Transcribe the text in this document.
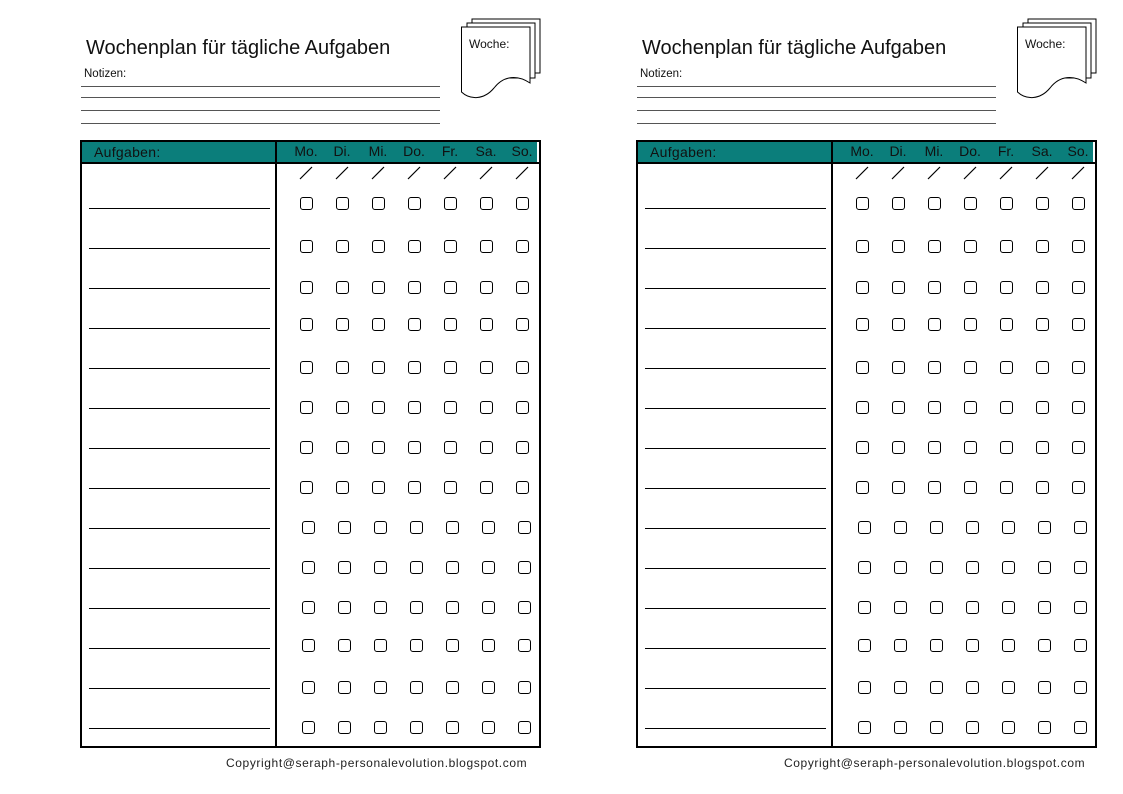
Wochenplan für tägliche Aufgaben
Notizen:
Woche:
Aufgaben:	Mo.	Di.	Mi.	Do.	Fr.	Sa.	So.
Copyright@seraph-personalevolution.blogspot.com
Wochenplan für tägliche Aufgaben
Notizen:
Woche:
Aufgaben:	Mo.	Di.	Mi.	Do.	Fr.	Sa.	So.
Copyright@seraph-personalevolution.blogspot.com
